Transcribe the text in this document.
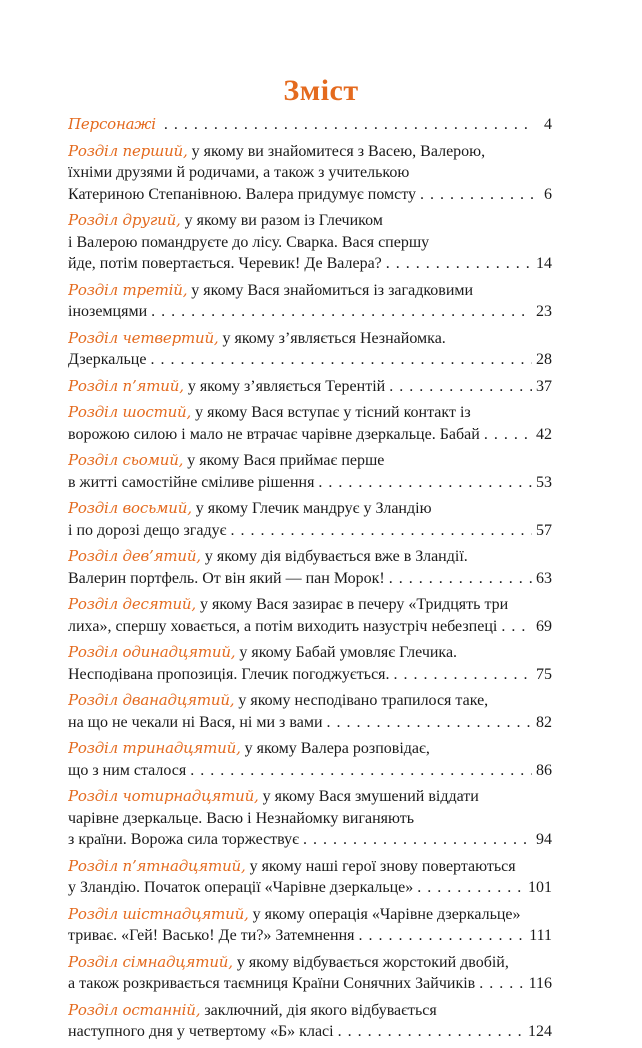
Зміст
Персонажі . . .	4
Розділ перший, у якому ви знайомитеся з Васею, Валерою,
їхніми друзями й родичами, а також з учителькою
Катериною Степанівною. Валера придумує помсту . . .	6
Розділ другий, у якому ви разом із Глечиком
і Валерою помандруєте до лісу. Сварка. Вася спершу
йде, потім повертається. Черевик! Де Валера? . . .	14
Розділ третій, у якому Вася знайомиться із загадковими
іноземцями . . .	23
Розділ четвертий, у якому з’являється Незнайомка.
Дзеркальце . . .	28
Розділ п’ятий, у якому з’являється Терентій . . .	37
Розділ шостий, у якому Вася вступає у тісний контакт із
ворожою силою і мало не втрачає чарівне дзеркальце. Бабай . . .	42
Розділ сьомий, у якому Вася приймає перше
в житті самостійне сміливе рішення . . .	53
Розділ восьмий, у якому Глечик мандрує у Зландію
і по дорозі дещо згадує . . .	57
Розділ дев’ятий, у якому дія відбувається вже в Зландії.
Валерин портфель. От він який — пан Морок! . . .	63
Розділ десятий, у якому Вася зазирає в печеру «Тридцять три
лиха», спершу ховається, а потім виходить назустріч небезпеці . . . 69
Розділ одинадцятий, у якому Бабай умовляє Глечика.
Несподівана пропозиція. Глечик погоджується. . . .	75
Розділ дванадцятий, у якому несподівано трапилося таке,
на що не чекали ні Вася, ні ми з вами . . .	82
Розділ тринадцятий, у якому Валера розповідає,
що з ним сталося . . .	86
Розділ чотирнадцятий, у якому Вася змушений віддати
чарівне дзеркальце. Васю і Незнайомку виганяють
з країни. Ворожа сила торжествує . . .	94
Розділ п’ятнадцятий, у якому наші герої знову повертаються
у Зландію. Початок операції «Чарівне дзеркальце» . . .	101
Розділ шістнадцятий, у якому операція «Чарівне дзеркальце»
триває. «Гей! Васько! Де ти?» Затемнення . . .	111
Розділ сімнадцятий, у якому відбувається жорстокий двобій,
а також розкривається таємниця Країни Сонячних Зайчиків . . .	116
Розділ останній, заключний, дія якого відбувається
наступного дня у четвертому «Б» класі . . .	124
